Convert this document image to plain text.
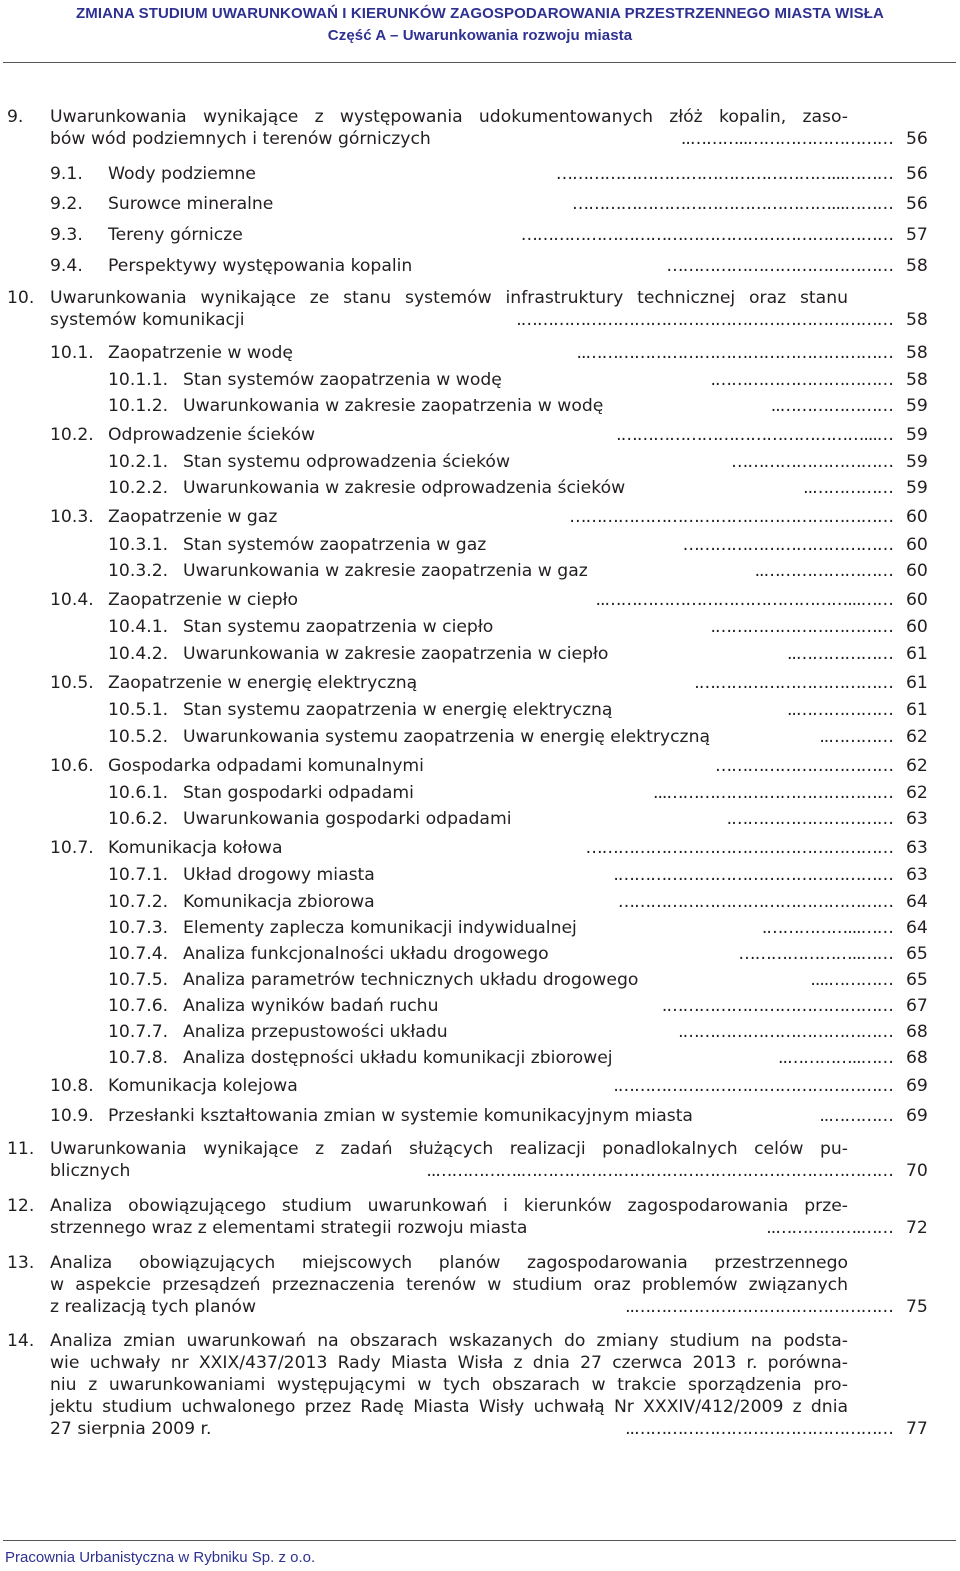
ZMIANA STUDIUM UWARUNKOWAŃ I KIERUNKÓW ZAGOSPODAROWANIA PRZESTRZENNEGO MIASTA WISŁA
Część A – Uwarunkowania rozwoju miasta
9. Uwarunkowania wynikające z występowania udokumentowanych złóż kopalin, zaso-
bów wód podziemnych i terenów górniczych	………………………..……….. 56
9.1. Wody podziemne	………...…………………………………………… 56
9.2. Surowce mineralne	………...………………………………………… 56
9.3. Tereny górnicze	…………………………………………………………… 57
9.4. Perspektywy występowania kopalin	…………………………………… 58
10. Uwarunkowania wynikające ze stanu systemów infrastruktury technicznej oraz stanu
systemów komunikacji	……………………………………………………………. 58
10.1. Zaopatrzenie w wodę	………………………………………………….. 58
10.1.1. Stan systemów zaopatrzenia w wodę	……………………………. 58
10.1.2. Uwarunkowania w zakresie zaopatrzenia w wodę	………………….. 59
10.2. Odprowadzenie ścieków	…...………………………………………. 59
10.2.1. Stan systemu odprowadzenia ścieków	………………………… 59
10.2.2. Uwarunkowania w zakresie odprowadzenia ścieków	…………….. 59
10.3. Zaopatrzenie w gaz	…………………………………………………… 60
10.3.1. Stan systemów zaopatrzenia w gaz	………………………………… 60
10.3.2. Uwarunkowania w zakresie zaopatrzenia w gaz	…………………….. 60
10.4. Zaopatrzenie w ciepło	……...……………………………………….. 60
10.4.1. Stan systemu zaopatrzenia w ciepło	……………………………. 60
10.4.2. Uwarunkowania w zakresie zaopatrzenia w ciepło	……………….. 61
10.5. Zaopatrzenie w energię elektryczną	………………………………. 61
10.5.1. Stan systemu zaopatrzenia w energię elektryczną	……………….. 61
10.5.2. Uwarunkowania systemu zaopatrzenia w energię elektryczną	………….. 62
10.6. Gospodarka odpadami komunalnymi	…………………………… 62
10.6.1. Stan gospodarki odpadami	……………………………………... 62
10.6.2. Uwarunkowania gospodarki odpadami	…………………………. 63
10.7. Komunikacja kołowa	………………………………………………… 63
10.7.1. Układ drogowy miasta	……………………………………………. 63
10.7.2. Komunikacja zbiorowa	…………………………………………… 64
10.7.3. Elementy zaplecza komunikacji indywidualnej	……...……………. 64
10.7.4. Analiza funkcjonalności układu drogowego	……..………………… 65
10.7.5. Analiza parametrów technicznych układu drogowego	………….... 65
10.7.6. Analiza wyników badań ruchu	……………………………………. 67
10.7.7. Analiza przepustowości układu	…………………………………. 68
10.7.8. Analiza dostępności układu komunikacji zbiorowej	……..………….. 68
10.8. Komunikacja kolejowa	……………………………………………. 69
10.9. Przesłanki kształtowania zmian w systemie komunikacyjnym miasta	………….. 69
11. Uwarunkowania wynikające z zadań służących realizacji ponadlokalnych celów pu-
blicznych	…………………………………………………………….…………….. 70
12. Analiza obowiązującego studium uwarunkowań i kierunków zagospodarowania prze-
strzennego wraz z elementami strategii rozwoju miasta	…….…………….. 72
13. Analiza obowiązujących miejscowych planów zagospodarowania przestrzennego
w aspekcie przesądzeń przeznaczenia terenów w studium oraz problemów związanych
z realizacją tych planów	………………………………………….. 75
14. Analiza zmian uwarunkowań na obszarach wskazanych do zmiany studium na podsta-
wie uchwały nr XXIX/437/2013 Rady Miasta Wisła z dnia 27 czerwca 2013 r. porówna-
niu z uwarunkowaniami występującymi w tych obszarach w trakcie sporządzenia pro-
jektu studium uchwalonego przez Radę Miasta Wisły uchwałą Nr XXXIV/412/2009 z dnia
27 sierpnia 2009 r.	………………………………………….. 77
Pracownia Urbanistyczna w Rybniku Sp. z o.o.
